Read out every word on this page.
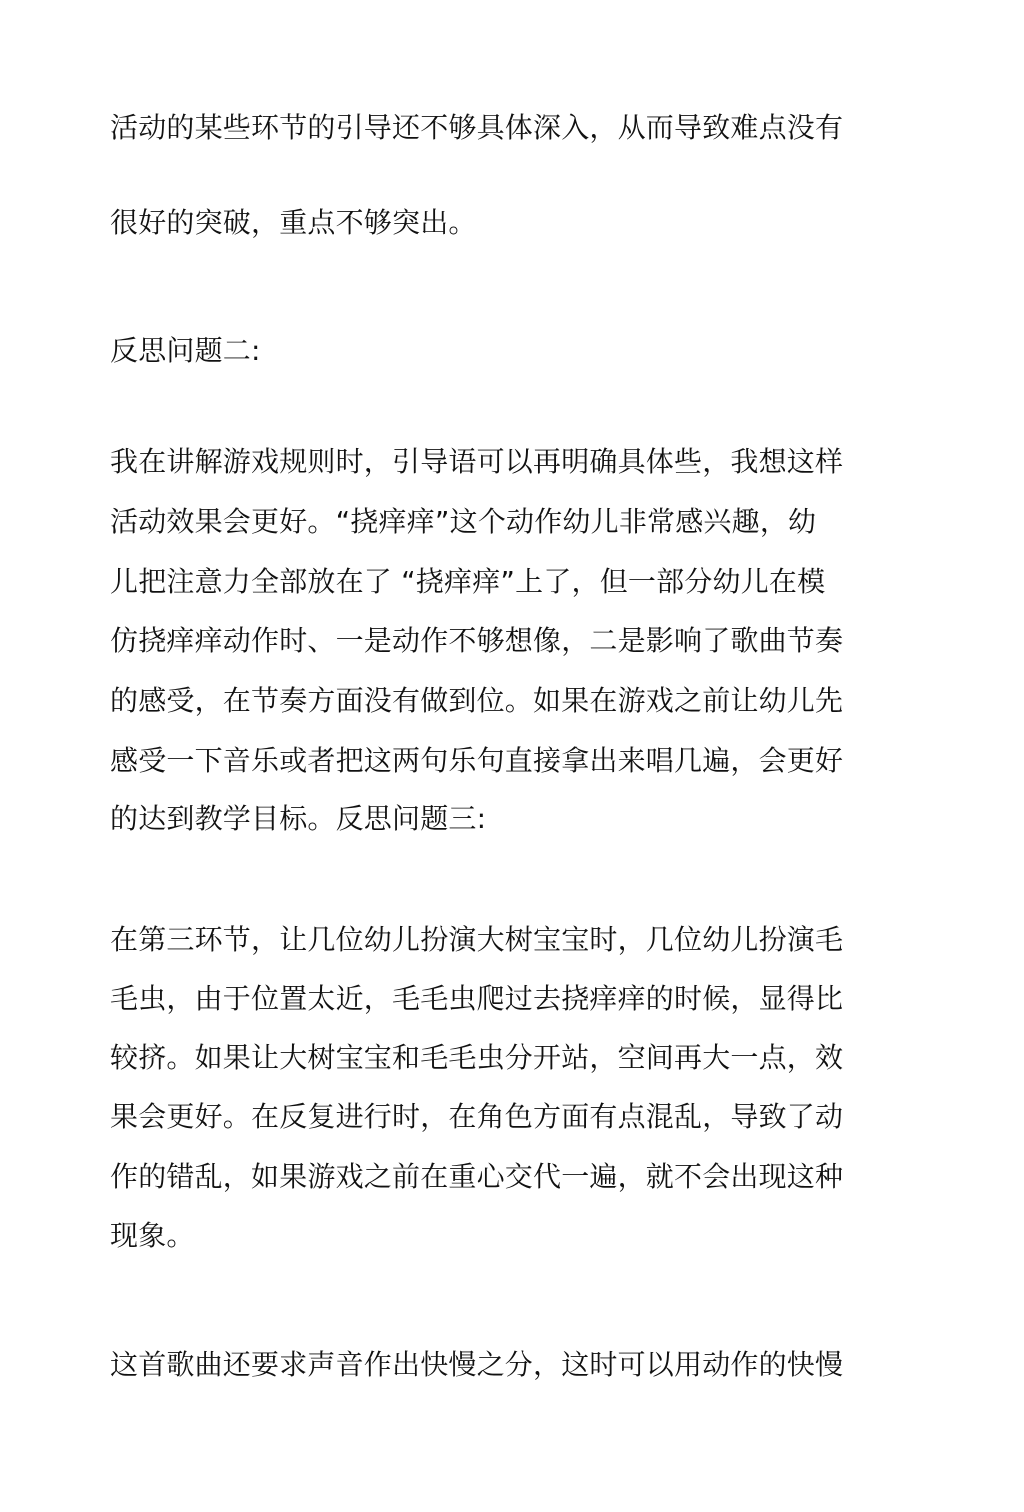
活动的某些环节的引导还不够具体深入，从而导致难点没有
很好的突破，重点不够突出。
反思问题二:
我在讲解游戏规则时，引导语可以再明确具体些，我想这样
活动效果会更好。“挠痒痒”这个动作幼儿非常感兴趣，幼
儿把注意力全部放在了 “挠痒痒”上了，但一部分幼儿在模
仿挠痒痒动作时、一是动作不够想像，二是影响了歌曲节奏
的感受，在节奏方面没有做到位。如果在游戏之前让幼儿先
感受一下音乐或者把这两句乐句直接拿出来唱几遍，会更好
的达到教学目标。反思问题三:
在第三环节，让几位幼儿扮演大树宝宝时，几位幼儿扮演毛
毛虫，由于位置太近，毛毛虫爬过去挠痒痒的时候，显得比
较挤。如果让大树宝宝和毛毛虫分开站，空间再大一点，效
果会更好。在反复进行时，在角色方面有点混乱，导致了动
作的错乱，如果游戏之前在重心交代一遍，就不会出现这种
现象。
这首歌曲还要求声音作出快慢之分，这时可以用动作的快慢
